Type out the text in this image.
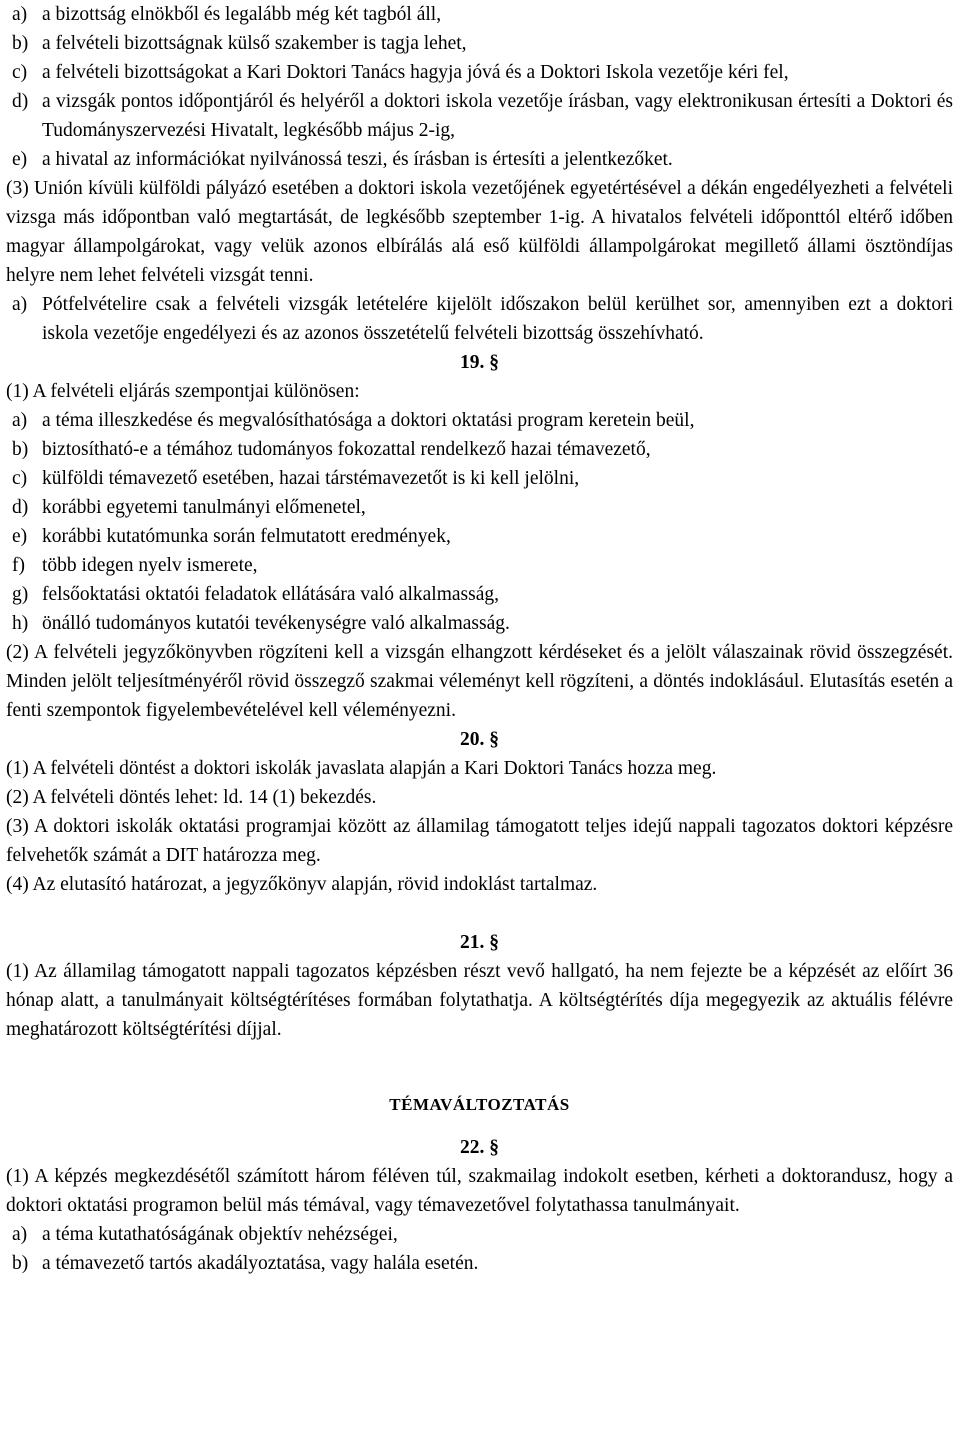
a) a bizottság elnökből és legalább még két tagból áll,
b) a felvételi bizottságnak külső szakember is tagja lehet,
c) a felvételi bizottságokat a Kari Doktori Tanács hagyja jóvá és a Doktori Iskola vezetője kéri fel,
d) a vizsgák pontos időpontjáról és helyéről a doktori iskola vezetője írásban, vagy elektronikusan értesíti a Doktori és Tudományszervezési Hivatalt, legkésőbb május 2-ig,
e) a hivatal az információkat nyilvánossá teszi, és írásban is értesíti a jelentkezőket.

(3) Unión kívüli külföldi pályázó esetében a doktori iskola vezetőjének egyetértésével a dékán engedélyezheti a felvételi vizsga más időpontban való megtartását, de legkésőbb szeptember 1-ig. A hivatalos felvételi időponttól eltérő időben magyar állampolgárokat, vagy velük azonos elbírálás alá eső külföldi állampolgárokat megillető állami ösztöndíjas helyre nem lehet felvételi vizsgát tenni.

a) Pótfelvételire csak a felvételi vizsgák letételére kijelölt időszakon belül kerülhet sor, amennyiben ezt a doktori iskola vezetője engedélyezi és az azonos összetételű felvételi bizottság összehívható.

19. §

(1) A felvételi eljárás szempontjai különösen:

a) a téma illeszkedése és megvalósíthatósága a doktori oktatási program keretein beül,
b) biztosítható-e a témához tudományos fokozattal rendelkező hazai témavezető,
c) külföldi témavezető esetében, hazai társtémavezetőt is ki kell jelölni,
d) korábbi egyetemi tanulmányi előmenetel,
e) korábbi kutatómunka során felmutatott eredmények,
f) több idegen nyelv ismerete,
g) felsőoktatási oktatói feladatok ellátására való alkalmasság,
h) önálló tudományos kutatói tevékenységre való alkalmasság.

(2) A felvételi jegyzőkönyvben rögzíteni kell a vizsgán elhangzott kérdéseket és a jelölt válaszainak rövid összegzését. Minden jelölt teljesítményéről rövid összegző szakmai véleményt kell rögzíteni, a döntés indoklásául. Elutasítás esetén a fenti szempontok figyelembevételével kell véleményezni.

20. §

(1) A felvételi döntést a doktori iskolák javaslata alapján a Kari Doktori Tanács hozza meg.

(2) A felvételi döntés lehet: ld. 14 (1) bekezdés.

(3) A doktori iskolák oktatási programjai között az államilag támogatott teljes idejű nappali tagozatos doktori képzésre felvehetők számát a DIT határozza meg.

(4) Az elutasító határozat, a jegyzőkönyv alapján, rövid indoklást tartalmaz.

21. §

(1) Az államilag támogatott nappali tagozatos képzésben részt vevő hallgató, ha nem fejezte be a képzését az előírt 36 hónap alatt, a tanulmányait költségtérítéses formában folytathatja. A költségtérítés díja megegyezik az aktuális félévre meghatározott költségtérítési díjjal.

TÉMAVÁLTOZTATÁS

22. §

(1) A képzés megkezdésétől számított három féléven túl, szakmailag indokolt esetben, kérheti a doktorandusz, hogy a doktori oktatási programon belül más témával, vagy témavezetővel folytathassa tanulmányait.

a) a téma kutathatóságának objektív nehézségei,
b) a témavezető tartós akadályoztatása, vagy halála esetén.
